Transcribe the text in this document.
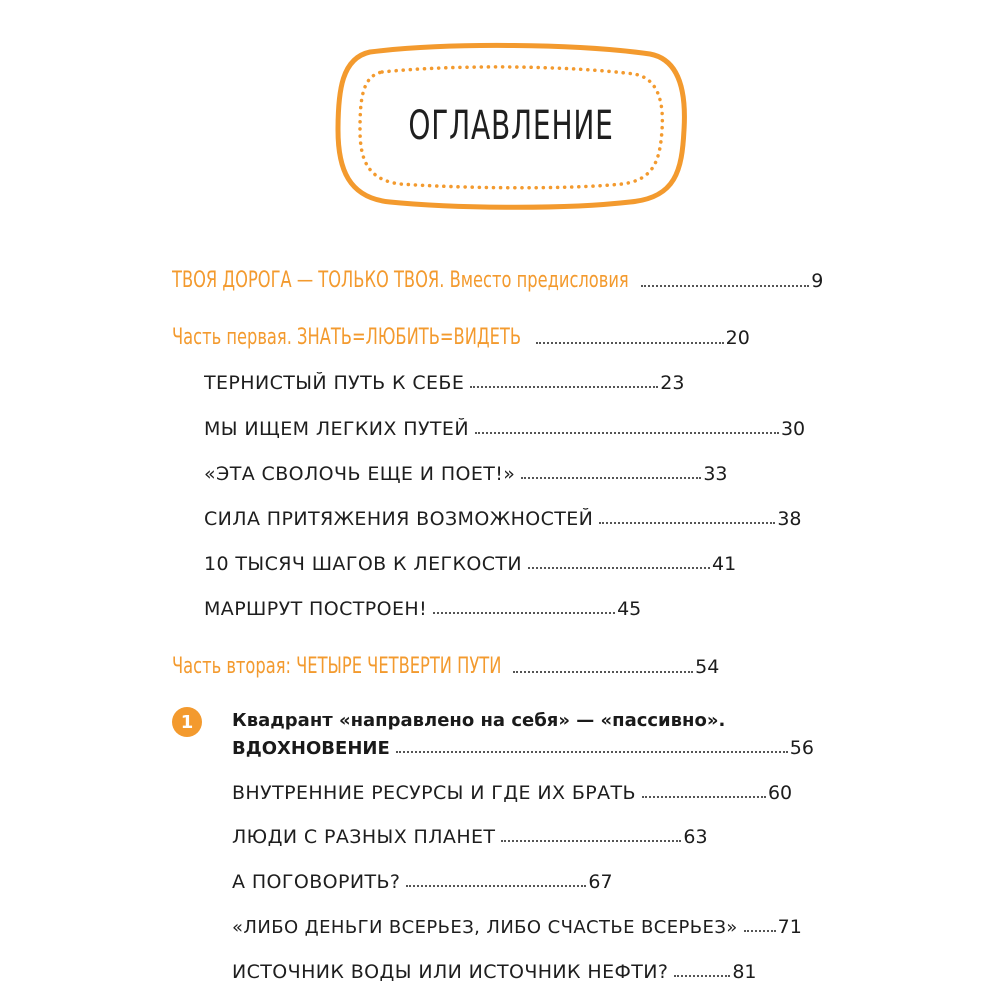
ОГЛАВЛЕНИЕ
ТВОЯ ДОРОГА — ТОЛЬКО ТВОЯ. Вместо предисловия	9
Часть первая. ЗНАТЬ=ЛЮБИТЬ=ВИДЕТЬ	20
ТЕРНИСТЫЙ ПУТЬ К СЕБЕ	23
МЫ ИЩЕМ ЛЕГКИХ ПУТЕЙ	30
«ЭТА СВОЛОЧЬ ЕЩЕ И ПОЕТ!»	33
СИЛА ПРИТЯЖЕНИЯ ВОЗМОЖНОСТЕЙ	38
10 ТЫСЯЧ ШАГОВ К ЛЕГКОСТИ	41
МАРШРУТ ПОСТРОЕН!	45
Часть вторая: ЧЕТЫРЕ ЧЕТВЕРТИ ПУТИ	54
1	Квадрант «направлено на себя» — «пассивно».
ВДОХНОВЕНИЕ	56
ВНУТРЕННИЕ РЕСУРСЫ И ГДЕ ИХ БРАТЬ	60
ЛЮДИ С РАЗНЫХ ПЛАНЕТ	63
А ПОГОВОРИТЬ?	67
«ЛИБО ДЕНЬГИ ВСЕРЬЕЗ, ЛИБО СЧАСТЬЕ ВСЕРЬЕЗ» 71
ИСТОЧНИК ВОДЫ ИЛИ ИСТОЧНИК НЕФТИ?	81
